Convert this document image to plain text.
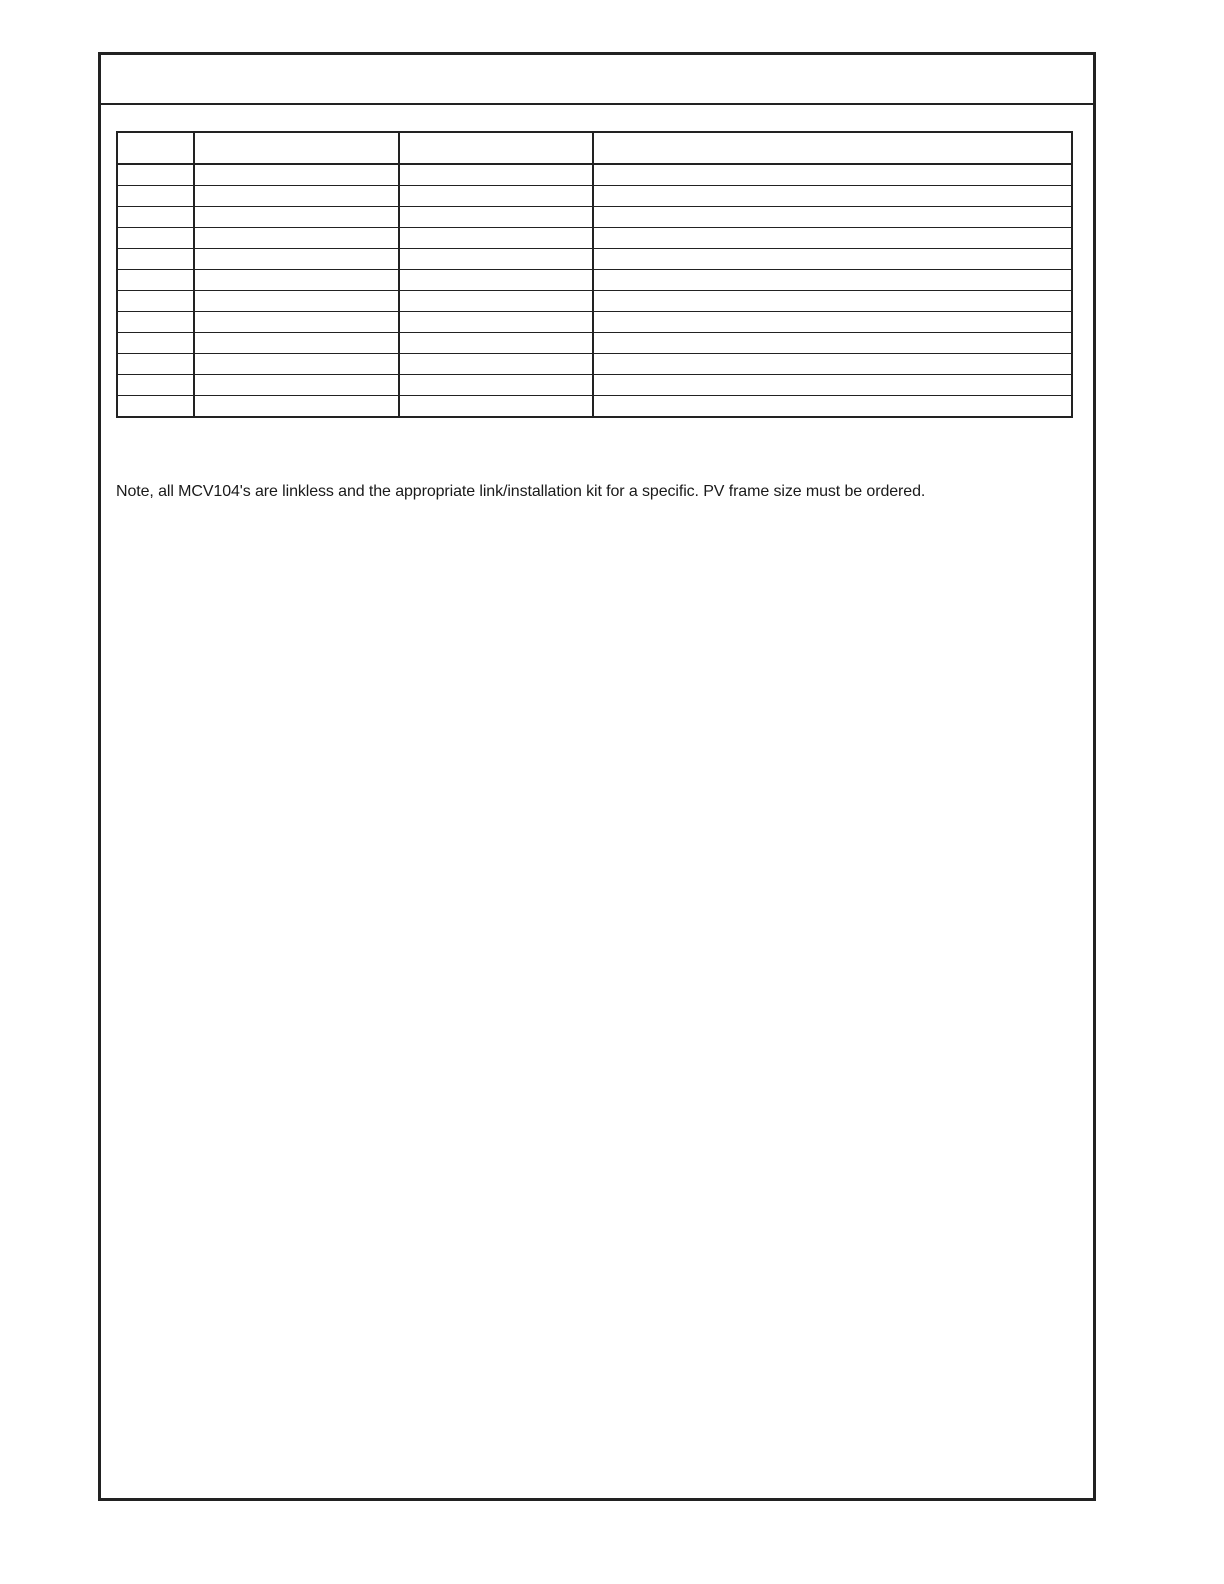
Note, all MCV104's are linkless and the appropriate link/installation kit for a specific. PV frame size must be ordered.
